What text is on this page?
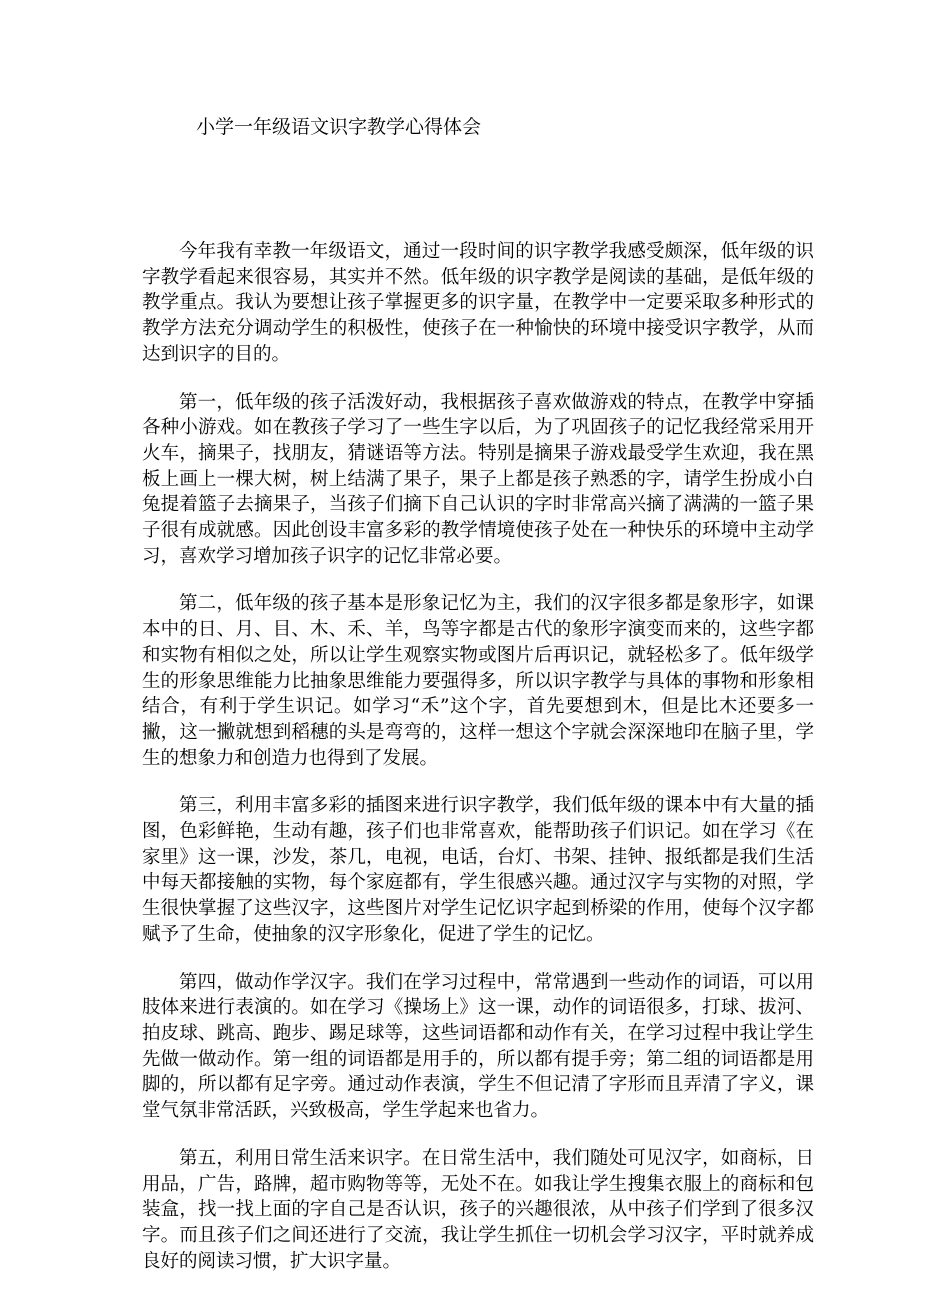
小学一年级语文识字教学心得体会

今年我有幸教一年级语文，通过一段时间的识字教学我感受颇深，低年级的识字教学看起来很容易，其实并不然。低年级的识字教学是阅读的基础，是低年级的教学重点。我认为要想让孩子掌握更多的识字量，在教学中一定要采取多种形式的教学方法充分调动学生的积极性，使孩子在一种愉快的环境中接受识字教学，从而达到识字的目的。

第一，低年级的孩子活泼好动，我根据孩子喜欢做游戏的特点，在教学中穿插各种小游戏。如在教孩子学习了一些生字以后，为了巩固孩子的记忆我经常采用开火车，摘果子，找朋友，猜谜语等方法。特别是摘果子游戏最受学生欢迎，我在黑板上画上一棵大树，树上结满了果子，果子上都是孩子熟悉的字，请学生扮成小白兔提着篮子去摘果子，当孩子们摘下自己认识的字时非常高兴摘了满满的一篮子果子很有成就感。因此创设丰富多彩的教学情境使孩子处在一种快乐的环境中主动学习，喜欢学习增加孩子识字的记忆非常必要。

第二，低年级的孩子基本是形象记忆为主，我们的汉字很多都是象形字，如课本中的日、月、目、木、禾、羊，鸟等字都是古代的象形字演变而来的，这些字都和实物有相似之处，所以让学生观察实物或图片后再识记，就轻松多了。低年级学生的形象思维能力比抽象思维能力要强得多，所以识字教学与具体的事物和形象相结合，有利于学生识记。如学习“禾”这个字，首先要想到木，但是比木还要多一撇，这一撇就想到稻穗的头是弯弯的，这样一想这个字就会深深地印在脑子里，学生的想象力和创造力也得到了发展。

第三，利用丰富多彩的插图来进行识字教学，我们低年级的课本中有大量的插图，色彩鲜艳，生动有趣，孩子们也非常喜欢，能帮助孩子们识记。如在学习《在家里》这一课，沙发，茶几，电视，电话，台灯、书架、挂钟、报纸都是我们生活中每天都接触的实物，每个家庭都有，学生很感兴趣。通过汉字与实物的对照，学生很快掌握了这些汉字，这些图片对学生记忆识字起到桥梁的作用，使每个汉字都赋予了生命，使抽象的汉字形象化，促进了学生的记忆。

第四，做动作学汉字。我们在学习过程中，常常遇到一些动作的词语，可以用肢体来进行表演的。如在学习《操场上》这一课，动作的词语很多，打球、拔河、拍皮球、跳高、跑步、踢足球等，这些词语都和动作有关，在学习过程中我让学生先做一做动作。第一组的词语都是用手的，所以都有提手旁；第二组的词语都是用脚的，所以都有足字旁。通过动作表演，学生不但记清了字形而且弄清了字义，课堂气氛非常活跃，兴致极高，学生学起来也省力。

第五，利用日常生活来识字。在日常生活中，我们随处可见汉字，如商标，日用品，广告，路牌，超市购物等等，无处不在。如我让学生搜集衣服上的商标和包装盒，找一找上面的字自己是否认识，孩子的兴趣很浓，从中孩子们学到了很多汉字。而且孩子们之间还进行了交流，我让学生抓住一切机会学习汉字，平时就养成良好的阅读习惯，扩大识字量。
